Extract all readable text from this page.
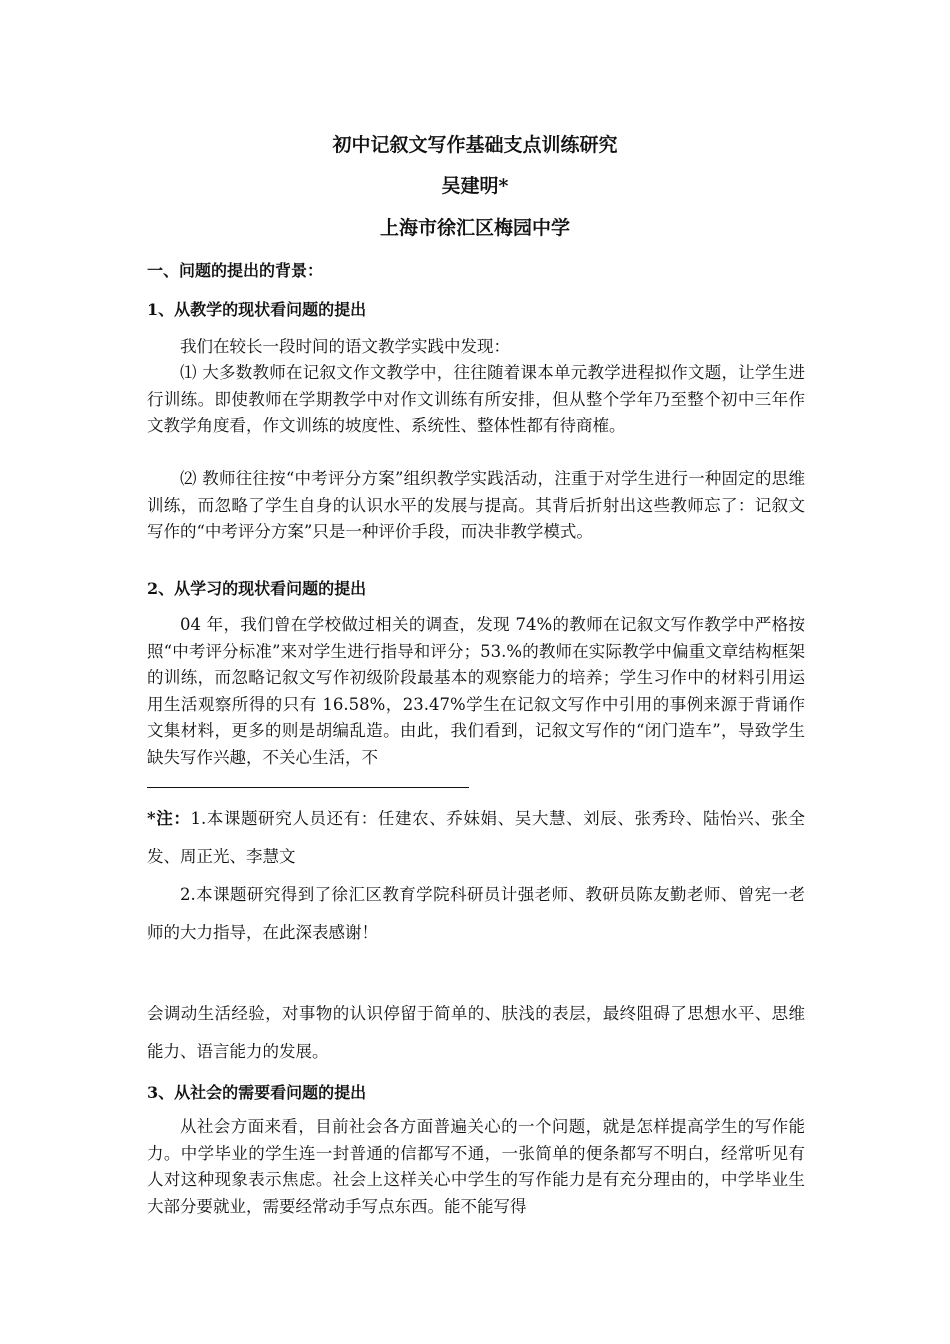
初中记叙文写作基础支点训练研究
吴建明*
上海市徐汇区梅园中学
一、问题的提出的背景：
1、从教学的现状看问题的提出

我们在较长一段时间的语文教学实践中发现：

⑴ 大多数教师在记叙文作文教学中，往往随着课本单元教学进程拟作文题，让学生进行训练。即使教师在学期教学中对作文训练有所安排，但从整个学年乃至整个初中三年作文教学角度看，作文训练的坡度性、系统性、整体性都有待商榷。

⑵ 教师往往按“中考评分方案”组织教学实践活动，注重于对学生进行一种固定的思维训练，而忽略了学生自身的认识水平的发展与提高。其背后折射出这些教师忘了：记叙文写作的“中考评分方案”只是一种评价手段，而决非教学模式。

2、从学习的现状看问题的提出

04 年，我们曾在学校做过相关的调查，发现 74%的教师在记叙文写作教学中严格按照“中考评分标准”来对学生进行指导和评分；53.%的教师在实际教学中偏重文章结构框架的训练，而忽略记叙文写作初级阶段最基本的观察能力的培养；学生习作中的材料引用运用生活观察所得的只有 16.58%，23.47%学生在记叙文写作中引用的事例来源于背诵作文集材料，更多的则是胡编乱造。由此，我们看到，记叙文写作的“闭门造车”，导致学生缺失写作兴趣，不关心生活，不

*注：1.本课题研究人员还有：任建农、乔妹娟、吴大慧、刘辰、张秀玲、陆怡兴、张全发、周正光、李慧文

2.本课题研究得到了徐汇区教育学院科研员计强老师、教研员陈友勤老师、曾宪一老师的大力指导，在此深表感谢！

会调动生活经验，对事物的认识停留于简单的、肤浅的表层，最终阻碍了思想水平、思维能力、语言能力的发展。

3、从社会的需要看问题的提出

从社会方面来看，目前社会各方面普遍关心的一个问题，就是怎样提高学生的写作能力。中学毕业的学生连一封普通的信都写不通，一张简单的便条都写不明白，经常听见有人对这种现象表示焦虑。社会上这样关心中学生的写作能力是有充分理由的，中学毕业生大部分要就业，需要经常动手写点东西。能不能写得
